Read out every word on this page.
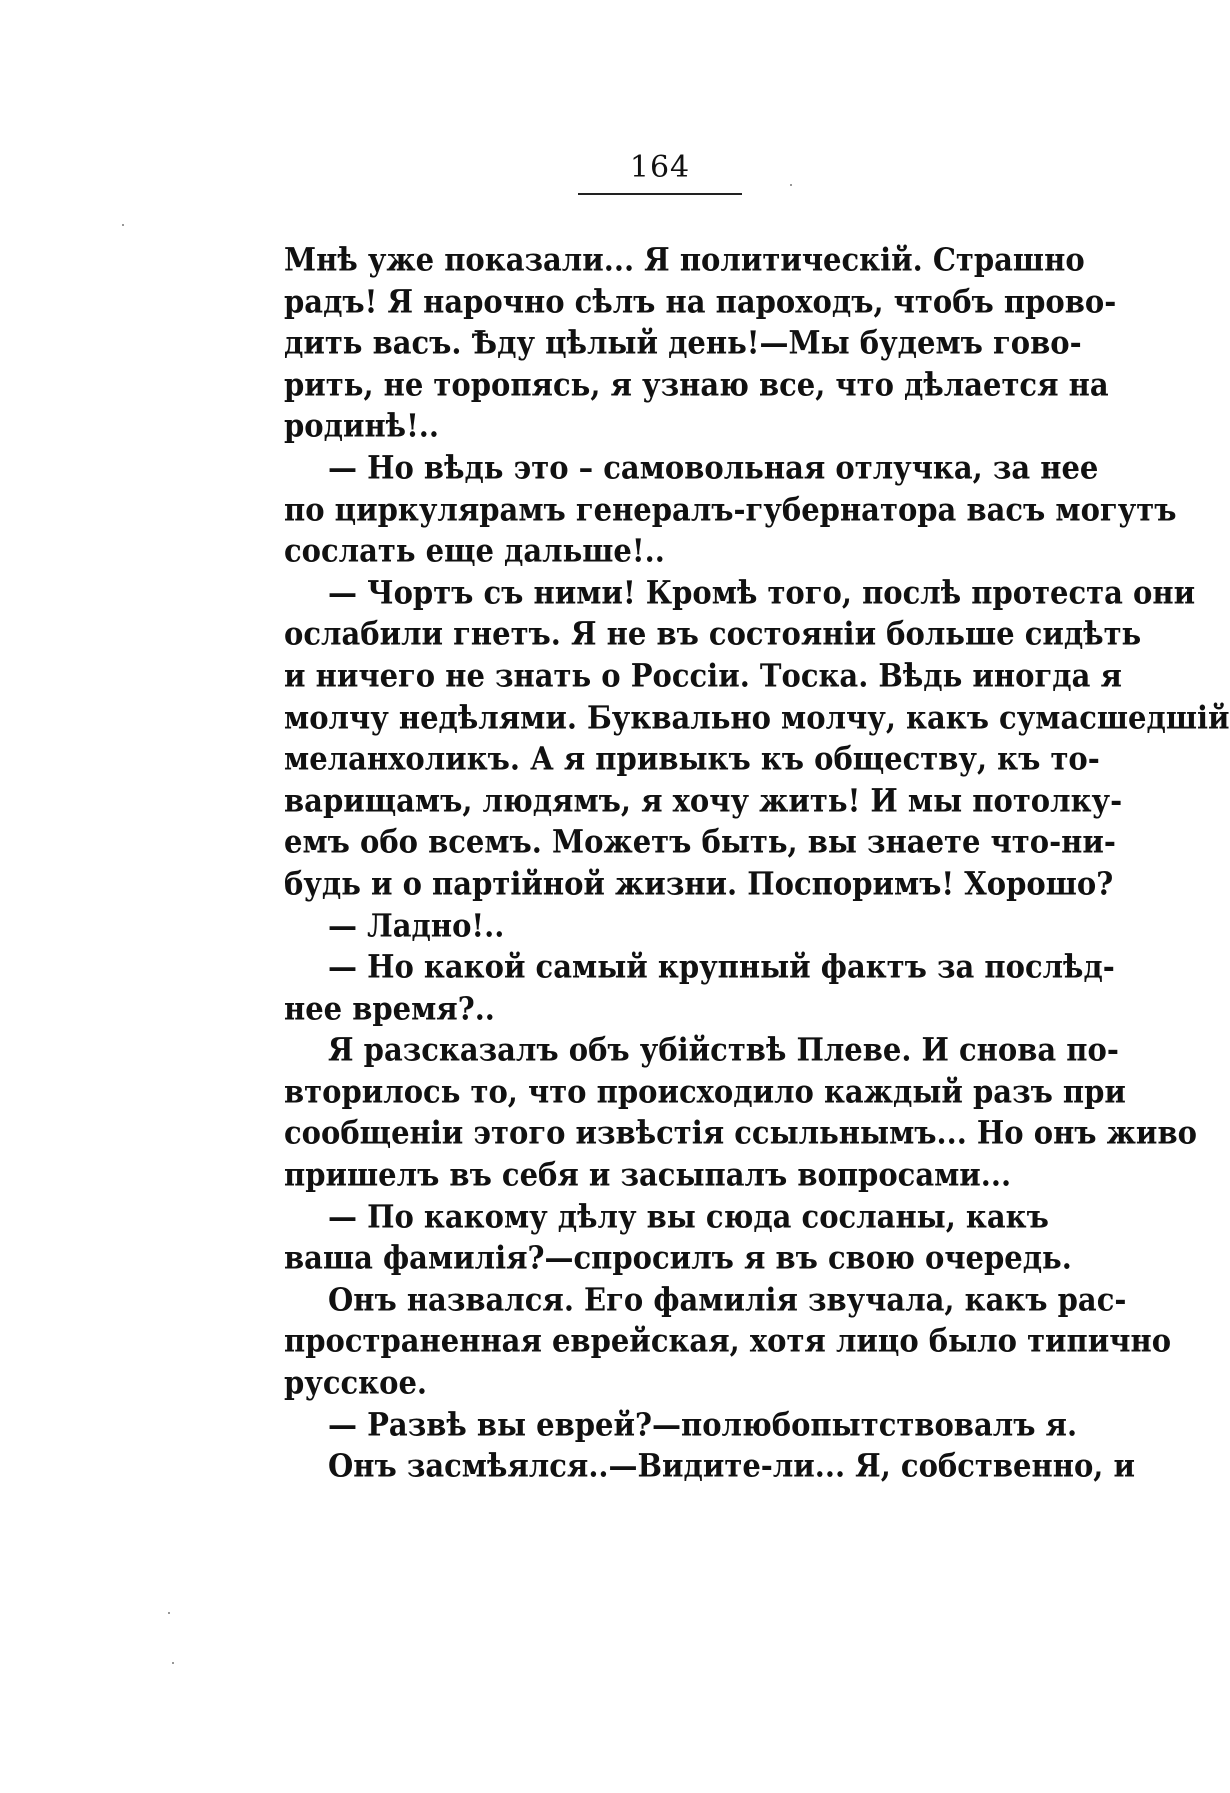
164
Мнѣ уже показали... Я политическій. Страшно
радъ! Я нарочно сѣлъ на пароходъ, чтобъ прово-
дить васъ. Ѣду цѣлый день!—Мы будемъ гово-
рить, не торопясь, я узнаю все, что дѣлается на
родинѣ!..
— Но вѣдь это – самовольная отлучка, за нее
по циркулярамъ генералъ-губернатора васъ могутъ
сослать еще дальше!..
— Чортъ съ ними! Кромѣ того, послѣ протеста они
ослабили гнетъ. Я не въ состояніи больше сидѣть
и ничего не знать о Россіи. Тоска. Вѣдь иногда я
молчу недѣлями. Буквально молчу, какъ сумасшедшій
меланхоликъ. А я привыкъ къ обществу, къ то-
варищамъ, людямъ, я хочу жить! И мы потолку-
емъ обо всемъ. Можетъ быть, вы знаете что-ни-
будь и о партійной жизни. Поспоримъ! Хорошо?
— Ладно!..
— Но какой самый крупный фактъ за послѣд-
нее время?..
Я разсказалъ объ убійствѣ Плеве. И снова по-
вторилось то, что происходило каждый разъ при
сообщеніи этого извѣстія ссыльнымъ... Но онъ живо
пришелъ въ себя и засыпалъ вопросами...
— По какому дѣлу вы сюда сосланы, какъ
ваша фамилія?—спросилъ я въ свою очередь.
Онъ назвался. Его фамилія звучала, какъ рас-
пространенная еврейская, хотя лицо было типично
русское.
— Развѣ вы еврей?—полюбопытствовалъ я.
Онъ засмѣялся..—Видите-ли... Я, собственно, и
